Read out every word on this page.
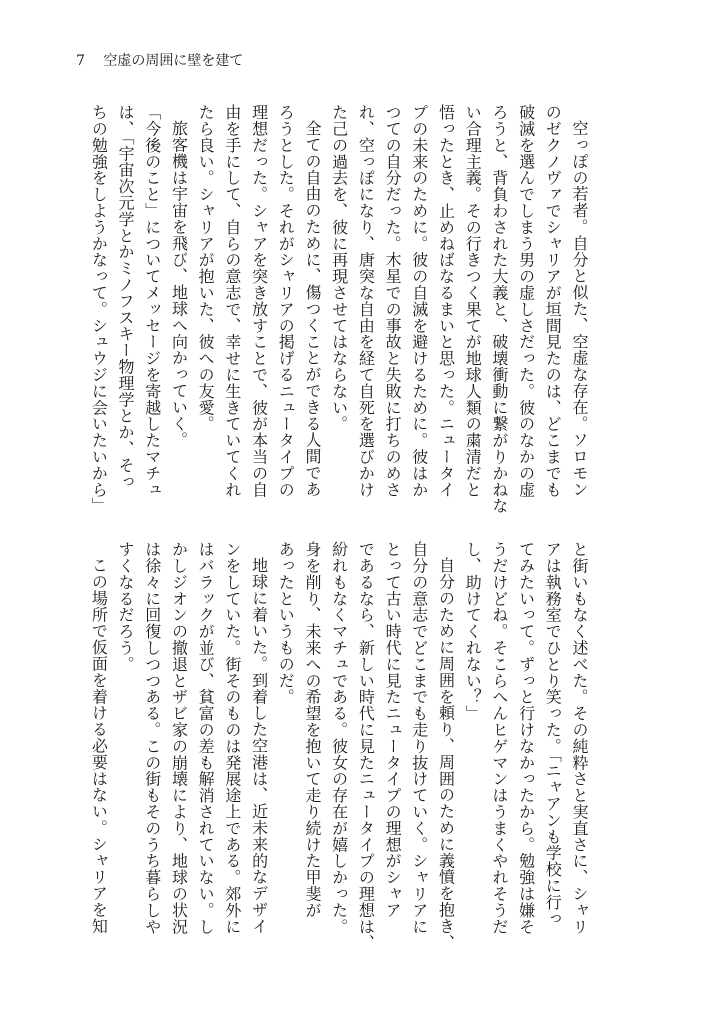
7 空虚の周囲に壁を建て
空っぽの若者。自分と似た、空虚な存在。ソロモン
のゼクノヴァでシャリアが垣間見たのは、どこまでも
破滅を選んでしまう男の虚しさだった。彼のなかの虚
ろうと、背負わされた大義と、破壊衝動に繋がりかねな
い合理主義。その行きつく果てが地球人類の粛清だと
悟ったとき、止めねばなるまいと思った。ニュータイ
プの未来のために。彼の自滅を避けるために。彼はか
つての自分だった。木星での事故と失敗に打ちのめさ
れ、空っぽになり、唐突な自由を経て自死を選びかけ
た己の過去を、彼に再現させてはならない。
全ての自由のために、傷つくことができる人間であ
ろうとした。それがシャリアの掲げるニュータイプの
理想だった。シャアを突き放すことで、彼が本当の自
由を手にして、自らの意志で、幸せに生きていてくれ
たら良い。シャリアが抱いた、彼への友愛。
旅客機は宇宙を飛び、地球へ向かっていく。
「今後のこと」についてメッセージを寄越したマチュ
は、「宇宙次元学とかミノフスキー物理学とか、そっ
ちの勉強をしようかなって。シュウジに会いたいから」
と街いもなく述べた。その純粋さと実直さに、シャリ
アは執務室でひとり笑った。「ニャアンも学校に行っ
てみたいって。ずっと行けなかったから。勉強は嫌そ
うだけどね。そこらへんヒゲマンはうまくやれそうだ
し、助けてくれない？」
自分のために周囲を頼り、周囲のために義憤を抱き、
自分の意志でどこまでも走り抜けていく。シャリアに
とって古い時代に見たニュータイプの理想がシャア
であるなら、新しい時代に見たニュータイプの理想は、
紛れもなくマチュである。彼女の存在が嬉しかった。
身を削り、未来への希望を抱いて走り続けた甲斐が
あったというものだ。
地球に着いた。到着した空港は、近未来的なデザイ
ンをしていた。街そのものは発展途上である。郊外に
はバラックが並び、貧富の差も解消されていない。し
かしジオンの撤退とザビ家の崩壊により、地球の状況
は徐々に回復しつつある。この街もそのうち暮らしや
すくなるだろう。
この場所で仮面を着ける必要はない。シャリアを知
